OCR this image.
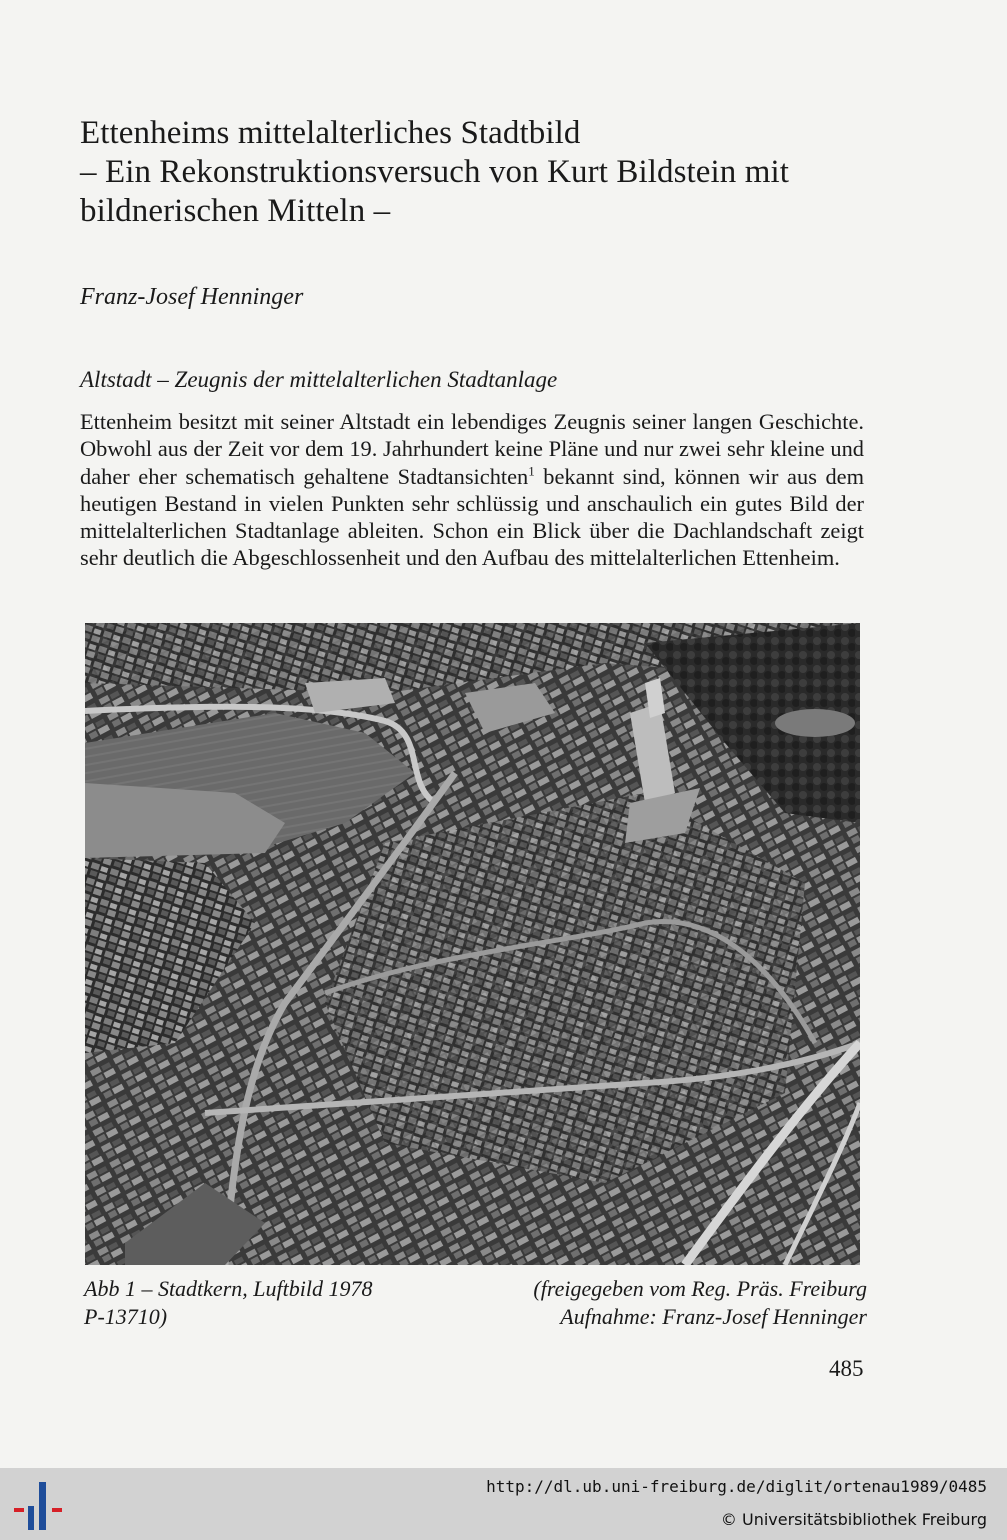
Ettenheims mittelalterliches Stadtbild
– Ein Rekonstruktionsversuch von Kurt Bildstein mit
bildnerischen Mitteln –
Franz-Josef Henninger
Altstadt – Zeugnis der mittelalterlichen Stadtanlage
Ettenheim besitzt mit seiner Altstadt ein lebendiges Zeugnis seiner langen Geschichte. Obwohl aus der Zeit vor dem 19. Jahrhundert keine Pläne und nur zwei sehr kleine und daher eher schematisch gehaltene Stadtansichten$^1$ bekannt sind, können wir aus dem heutigen Bestand in vielen Punkten sehr schlüssig und anschaulich ein gutes Bild der mittelalterlichen Stadtanlage ableiten. Schon ein Blick über die Dachlandschaft zeigt sehr deutlich die Abgeschlossenheit und den Aufbau des mittelalterlichen Ettenheim.
Abb 1 – Stadtkern, Luftbild 1978
P-13710)
(freigegeben vom Reg. Präs. Freiburg
Aufnahme: Franz-Josef Henninger
485
http://dl.ub.uni-freiburg.de/diglit/ortenau1989/0485
© Universitätsbibliothek Freiburg
